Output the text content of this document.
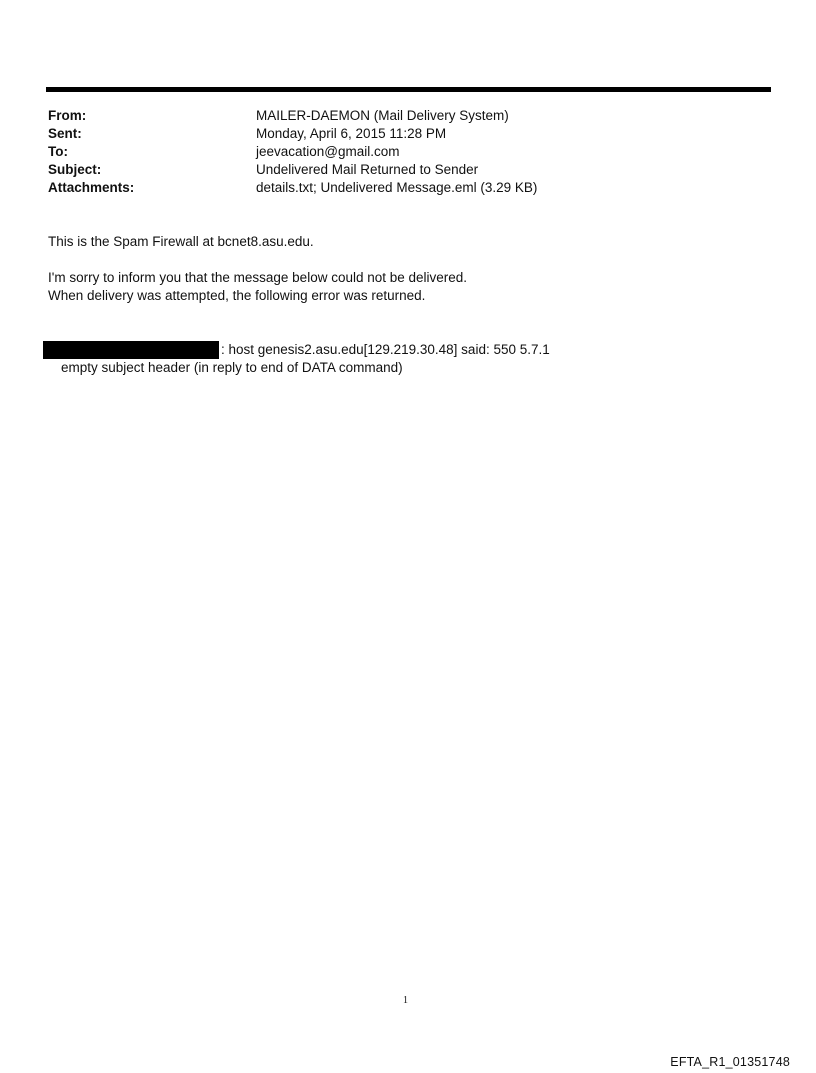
From:	MAILER-DAEMON (Mail Delivery System)
Sent:	Monday, April 6, 2015 11:28 PM
To:	jeevacation@gmail.com
Subject:	Undelivered Mail Returned to Sender
Attachments:	details.txt; Undelivered Message.eml (3.29 KB)
This is the Spam Firewall at bcnet8.asu.edu.
I'm sorry to inform you that the message below could not be delivered.
When delivery was attempted, the following error was returned.
: host genesis2.asu.edu[129.219.30.48] said: 550 5.7.1
empty subject header (in reply to end of DATA command)
1
EFTA_R1_01351748
